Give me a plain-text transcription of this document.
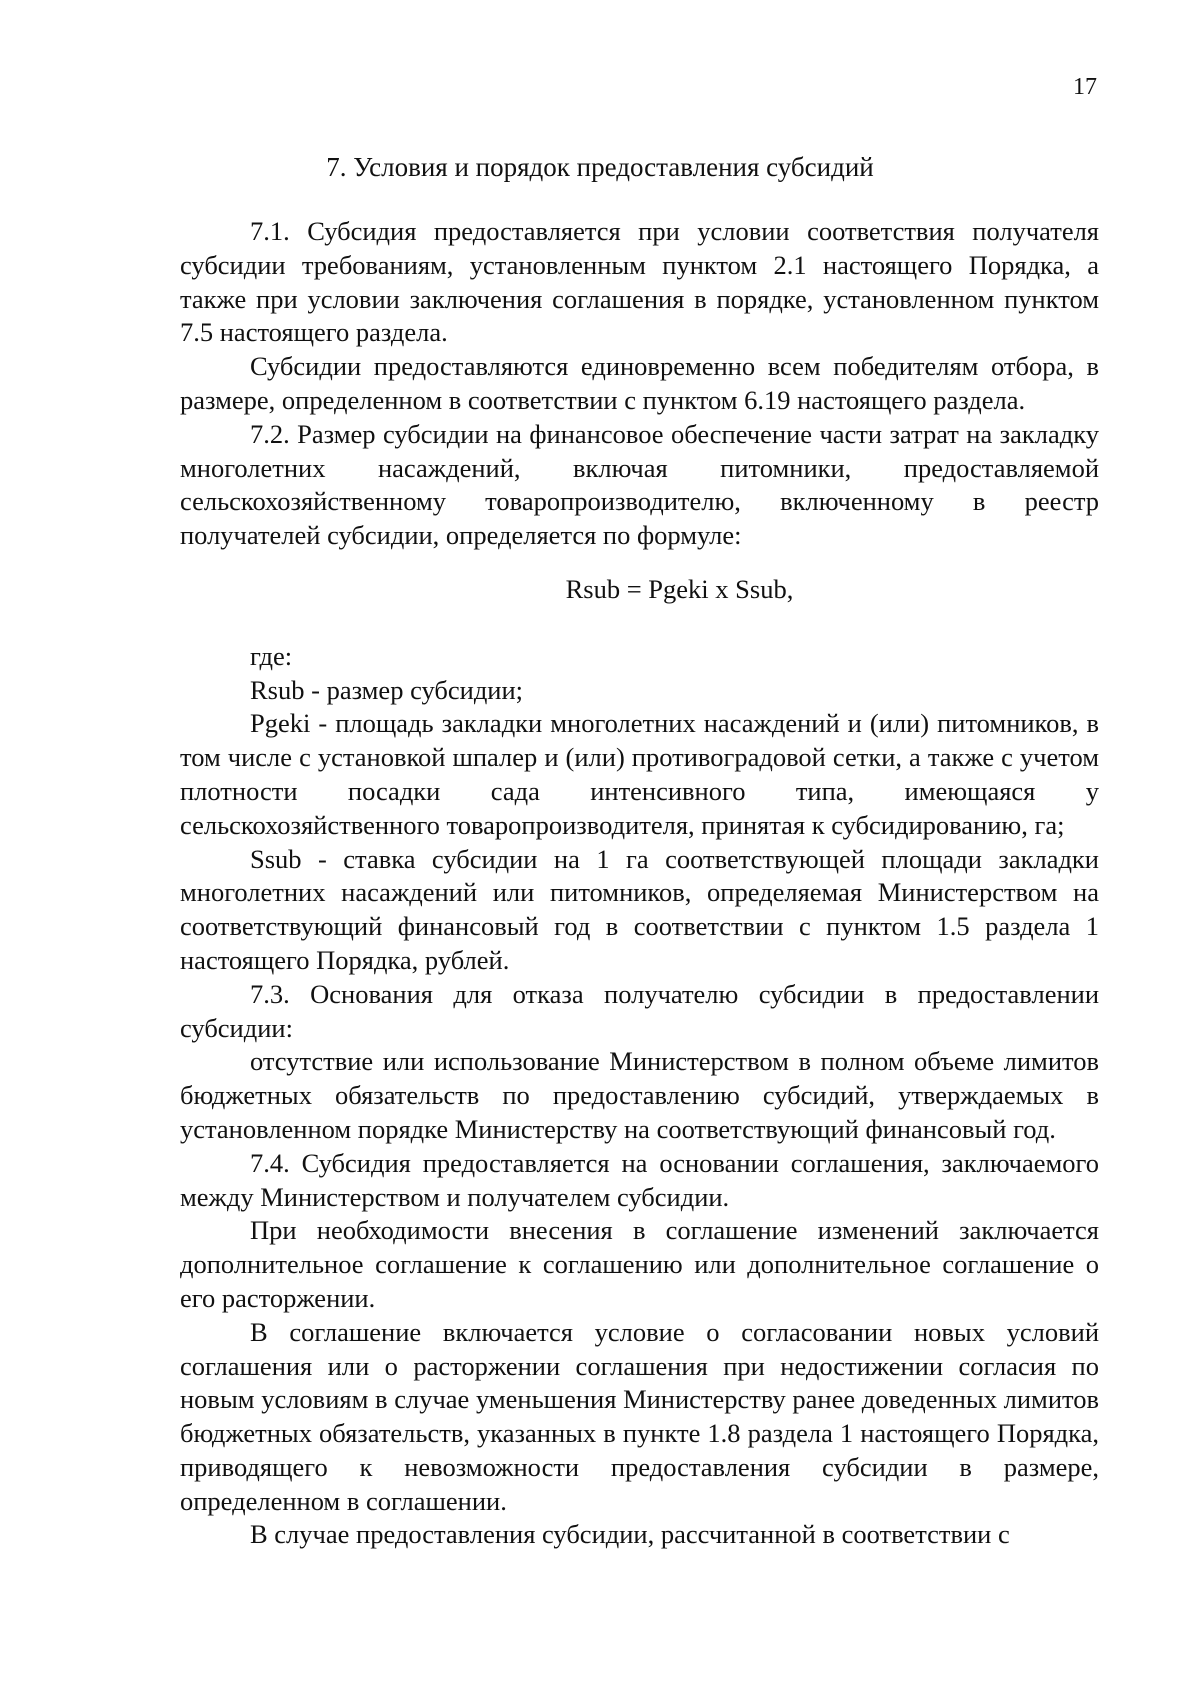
17
7. Условия и порядок предоставления субсидий

7.1. Субсидия предоставляется при условии соответствия получателя субсидии требованиям, установленным пунктом 2.1 настоящего Порядка, а также при условии заключения соглашения в порядке, установленном пунктом 7.5 настоящего раздела.

Субсидии предоставляются единовременно всем победителям отбора, в размере, определенном в соответствии с пунктом 6.19 настоящего раздела.

7.2. Размер субсидии на финансовое обеспечение части затрат на закладку многолетних насаждений, включая питомники, предоставляемой сельскохозяйственному товаропроизводителю, включенному в реестр получателей субсидии, определяется по формуле:

Rsub = Pgeki x Ssub,

где:

Rsub - размер субсидии;

Pgeki - площадь закладки многолетних насаждений и (или) питомников, в том числе с установкой шпалер и (или) противоградовой сетки, а также с учетом плотности посадки сада интенсивного типа, имеющаяся у сельскохозяйственного товаропроизводителя, принятая к субсидированию, га;

Ssub - ставка субсидии на 1 га соответствующей площади закладки многолетних насаждений или питомников, определяемая Министерством на соответствующий финансовый год в соответствии с пунктом 1.5 раздела 1 настоящего Порядка, рублей.

7.3. Основания для отказа получателю субсидии в предоставлении субсидии:

отсутствие или использование Министерством в полном объеме лимитов бюджетных обязательств по предоставлению субсидий, утверждаемых в установленном порядке Министерству на соответствующий финансовый год.

7.4. Субсидия предоставляется на основании соглашения, заключаемого между Министерством и получателем субсидии.

При необходимости внесения в соглашение изменений заключается дополнительное соглашение к соглашению или дополнительное соглашение о его расторжении.

В соглашение включается условие о согласовании новых условий соглашения или о расторжении соглашения при недостижении согласия по новым условиям в случае уменьшения Министерству ранее доведенных лимитов бюджетных обязательств, указанных в пункте 1.8 раздела 1 настоящего Порядка, приводящего к невозможности предоставления субсидии в размере, определенном в соглашении.

В случае предоставления субсидии, рассчитанной в соответствии с
